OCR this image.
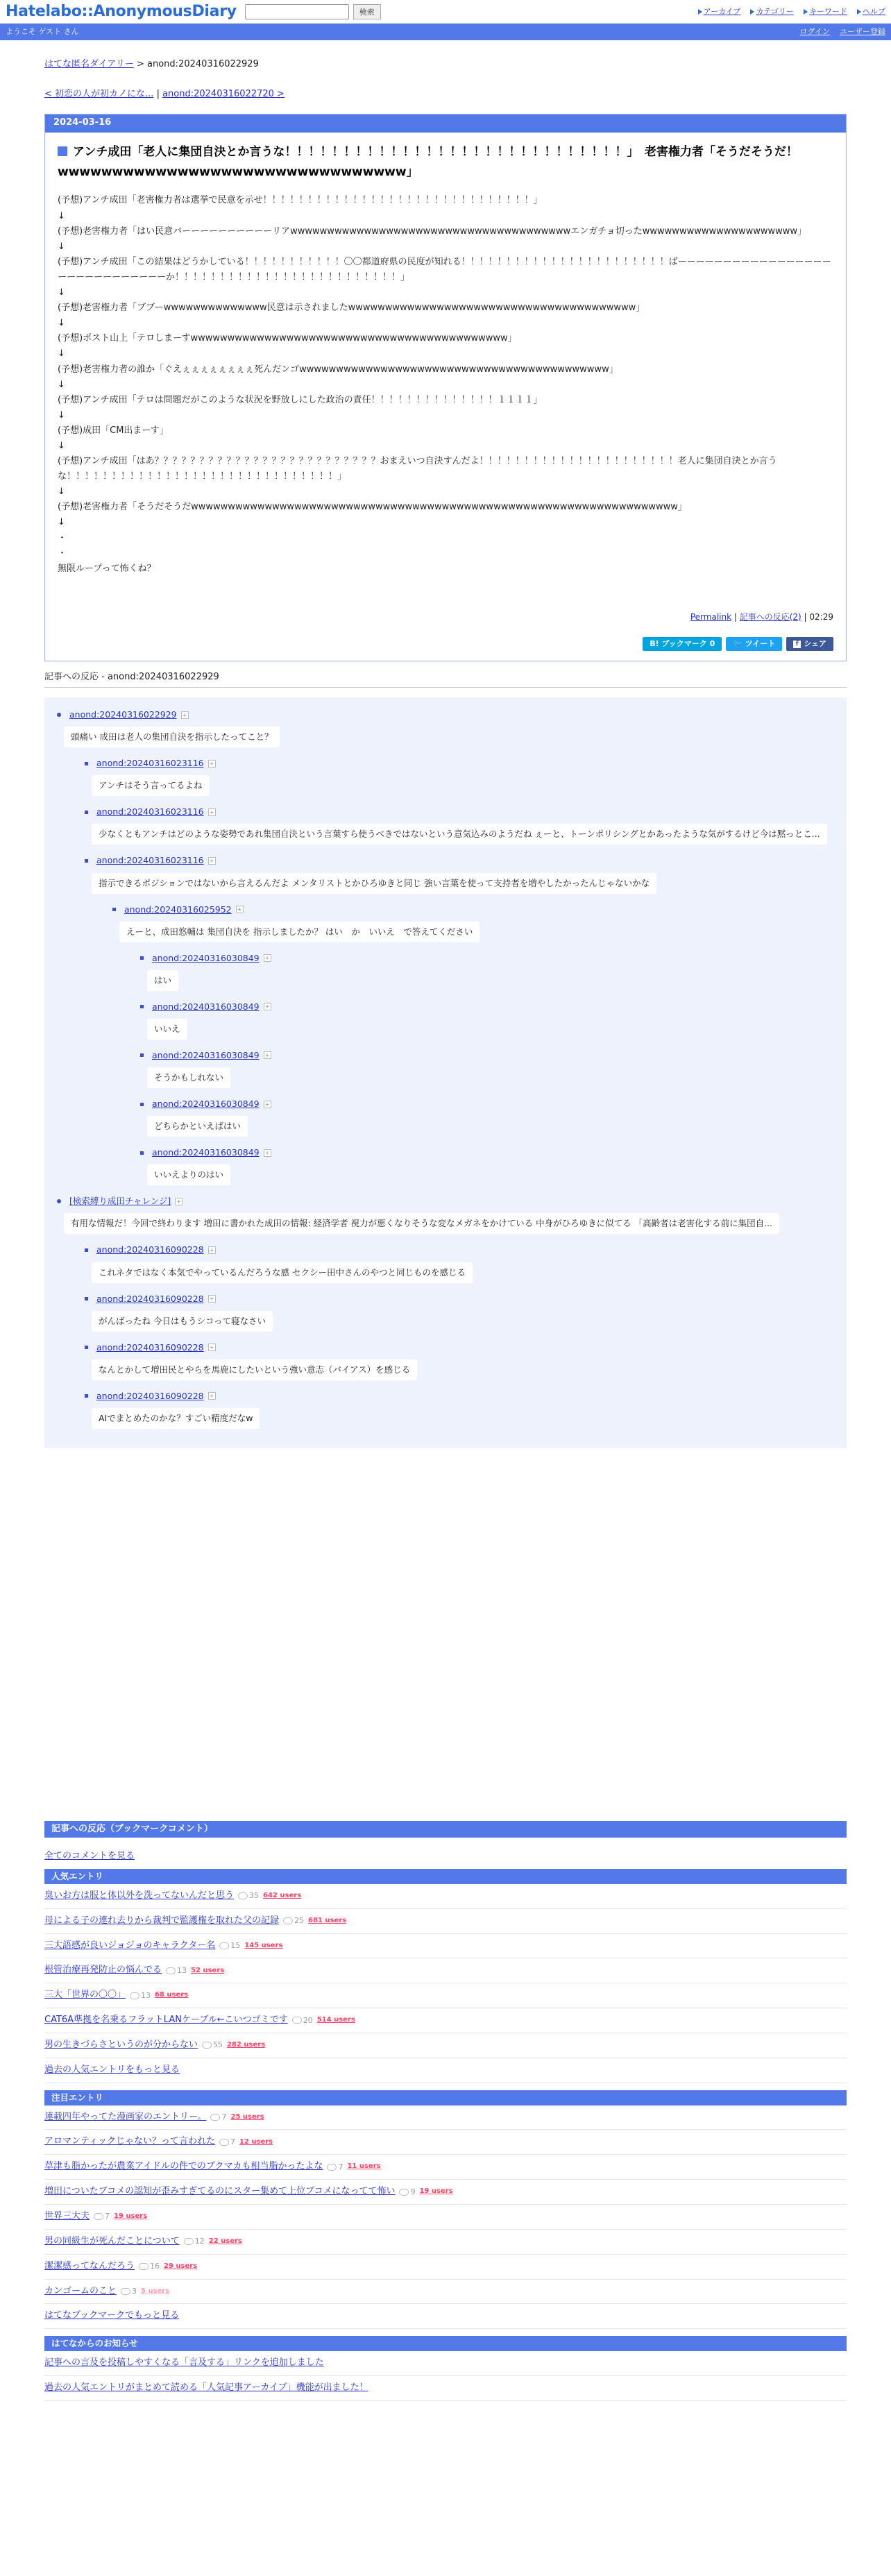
Hatelabo::AnonymousDiary	検索	アーカイブ カテゴリー キーワード ヘルプ
ようこそ ゲスト さん	ログイン ユーザー登録
はてな匿名ダイアリー > anond:20240316022929
< 初恋の人が初カノにな... | anond:20240316022720 >
2024-03-16
アンチ成田「老人に集団自決とか言うな！！！！！！！！！！！！！！！！！！！！！！！！！！！！！」　老害権力者「そうだそうだ！wwwwwwwwwwwwwwwwwwwwwwwwwwwwwwww」

(予想)アンチ成田「老害権力者は選挙で民意を示せ！！！！！！！！！！！！！！！！！！！！！！！！！！！！！！」

↓

(予想)老害権力者「はい民意バーーーーーーーーーーリアwwwwwwwwwwwwwwwwwwwwwwwwwwwwwwwwwwwwwwエンガチョ切ったwwwwwwwwwwwwwwwwwwwww」

↓

(予想)アンチ成田「この結果はどうかしている！！！！！！！！！！！〇〇都道府県の民度が知れる！！！！！！！！！！！！！！！！！！！！！！！ばーーーーーーーーーーーーーーーーーーーーーーーーーーーーーか！！！！！！！！！！！！！！！！！！！！！！！！！」

↓

(予想)老害権力者「ブブーwwwwwwwwwwwwww民意は示されましたwwwwwwwwwwwwwwwwwwwwwwwwwwwwwwwwwwwwwww」

↓

(予想)ポスト山上「テロしまーすwwwwwwwwwwwwwwwwwwwwwwwwwwwwwwwwwwwwwwwwwww」

↓

(予想)老害権力者の誰か「ぐえぇぇぇぇぇぇぇぇ死んだンゴwwwwwwwwwwwwwwwwwwwwwwwwwwwwwwwwwwwwwwwwww」

↓

(予想)アンチ成田「テロは問題だがこのような状況を野放しにした政治の責任！！！！！！！！！！！！！！１１１１」

↓

(予想)成田「CM出まーす」

↓

(予想)アンチ成田「はあ？？？？？？？？？？？？？？？？？？？？？？？？？おまえいつ自決すんだよ！！！！！！！！！！！！！！！！！！！！！！老人に集団自決とか言うな！！！！！！！！！！！！！！！！！！！！！！！！！！！！！！」

↓

(予想)老害権力者「そうだそうだwwwwwwwwwwwwwwwwwwwwwwwwwwwwwwwwwwwwwwwwwwwwwwwwwwwwwwwwwwwwwwwwww」

↓

・

・

無限ループって怖くね？

Permalink | 記事への反応(2) | 02:29
B! ブックマーク 0	🐦 ツイート	f シェア
記事への反応 - anond:20240316022929
anond:20240316022929 +
頭痛い 成田は老人の集団自決を指示したってこと？
anond:20240316023116 +
アンチはそう言ってるよね
anond:20240316023116 +
少なくともアンチはどのような姿勢であれ集団自決という言葉すら使うべきではないという意気込みのようだね ぇーと、トーンポリシングとかあったような気がするけど今は黙っとこ...
anond:20240316023116 +
指示できるポジションではないから言えるんだよ メンタリストとかひろゆきと同じ 強い言葉を使って支持者を増やしたかったんじゃないかな
anond:20240316025952 +
えーと、成田悠輔は 集団自決を 指示しましたか？ はい　か　いいえ　で答えてください
anond:20240316030849 +
はい
anond:20240316030849 +
いいえ
anond:20240316030849 +
そうかもしれない
anond:20240316030849 +
どちらかといえばはい
anond:20240316030849 +
いいえよりのはい
[検索縛り成田チャレンジ] +
有用な情報だ！今回で終わります 増田に書かれた成田の情報: 経済学者 視力が悪くなりそうな変なメガネをかけている 中身がひろゆきに似てる 「高齢者は老害化する前に集団自...
anond:20240316090228 +
これネタではなく本気でやっているんだろうな感 セクシー田中さんのやつと同じものを感じる
anond:20240316090228 +
がんばったね 今日はもうシコって寝なさい
anond:20240316090228 +
なんとかして増田民とやらを馬鹿にしたいという強い意志（バイアス）を感じる
anond:20240316090228 +
AIでまとめたのかな？すごい精度だなw
記事への反応（ブックマークコメント）
全てのコメントを見る
人気エントリ
臭いお方は服と体以外を洗ってないんだと思う 35 642 users
母による子の連れ去りから裁判で監護権を取れた父の記録 25 681 users
三大語感が良いジョジョのキャラクター名 15 145 users
根管治療再発防止の悩んでる 13 52 users
三大「世界の〇〇」 13 68 users
CAT6A準拠を名乗るフラットLANケーブル←こいつゴミです 20 514 users
男の生きづらさというのが分からない 55 282 users
過去の人気エントリをもっと見る
注目エントリ
連載四年やってた漫画家のエントリー。 7 25 users
アロマンティックじゃない？って言われた 7 12 users
草津も脂かったが農業アイドルの件でのブクマカも相当脂かったよな 7 11 users
増田についたブコメの認知が歪みすぎてるのにスター集めて上位ブコメになってて怖い 9 19 users
世界三大夫 7 19 users
男の同級生が死んだことについて 12 22 users
潔潔感ってなんだろう 16 29 users
カンゴームのこと 3 5 users
はてなブックマークでもっと見る
はてなからのお知らせ
記事への言及を投稿しやすくなる「言及する」リンクを追加しました
過去の人気エントリがまとめて読める「人気記事アーカイブ」機能が出ました！
